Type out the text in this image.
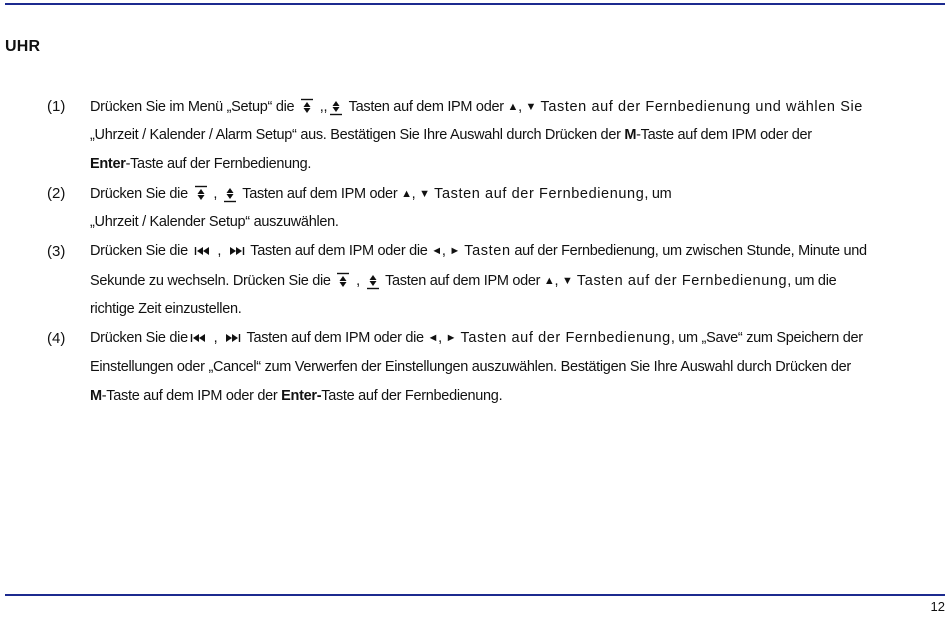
UHR
(1) Drücken Sie im Menü „Setup“ die
,,
Tasten auf dem IPM oder ▲, ▼ Tasten auf der Fernbedienung und wählen Sie
„Uhrzeit / Kalender / Alarm Setup“ aus. Bestätigen Sie Ihre Auswahl durch Drücken der M-Taste auf dem IPM oder der
Enter-Taste auf der Fernbedienung.
(2) Drücken Sie die
,
Tasten auf dem IPM oder ▲, ▼ Tasten auf der Fernbedienung, um
„Uhrzeit / Kalender Setup“ auszuwählen.
(3) Drücken Sie die
,
Tasten auf dem IPM oder die ◄, ► Tasten auf der Fernbedienung, um zwischen Stunde, Minute und
Sekunde zu wechseln. Drücken Sie die
,
Tasten auf dem IPM oder ▲, ▼ Tasten auf der Fernbedienung, um die
richtige Zeit einzustellen.
(4) Drücken Sie die
,
Tasten auf dem IPM oder die ◄, ► Tasten auf der Fernbedienung, um „Save“ zum Speichern der
Einstellungen oder „Cancel“ zum Verwerfen der Einstellungen auszuwählen. Bestätigen Sie Ihre Auswahl durch Drücken der
M-Taste auf dem IPM oder der Enter-Taste auf der Fernbedienung.
12
